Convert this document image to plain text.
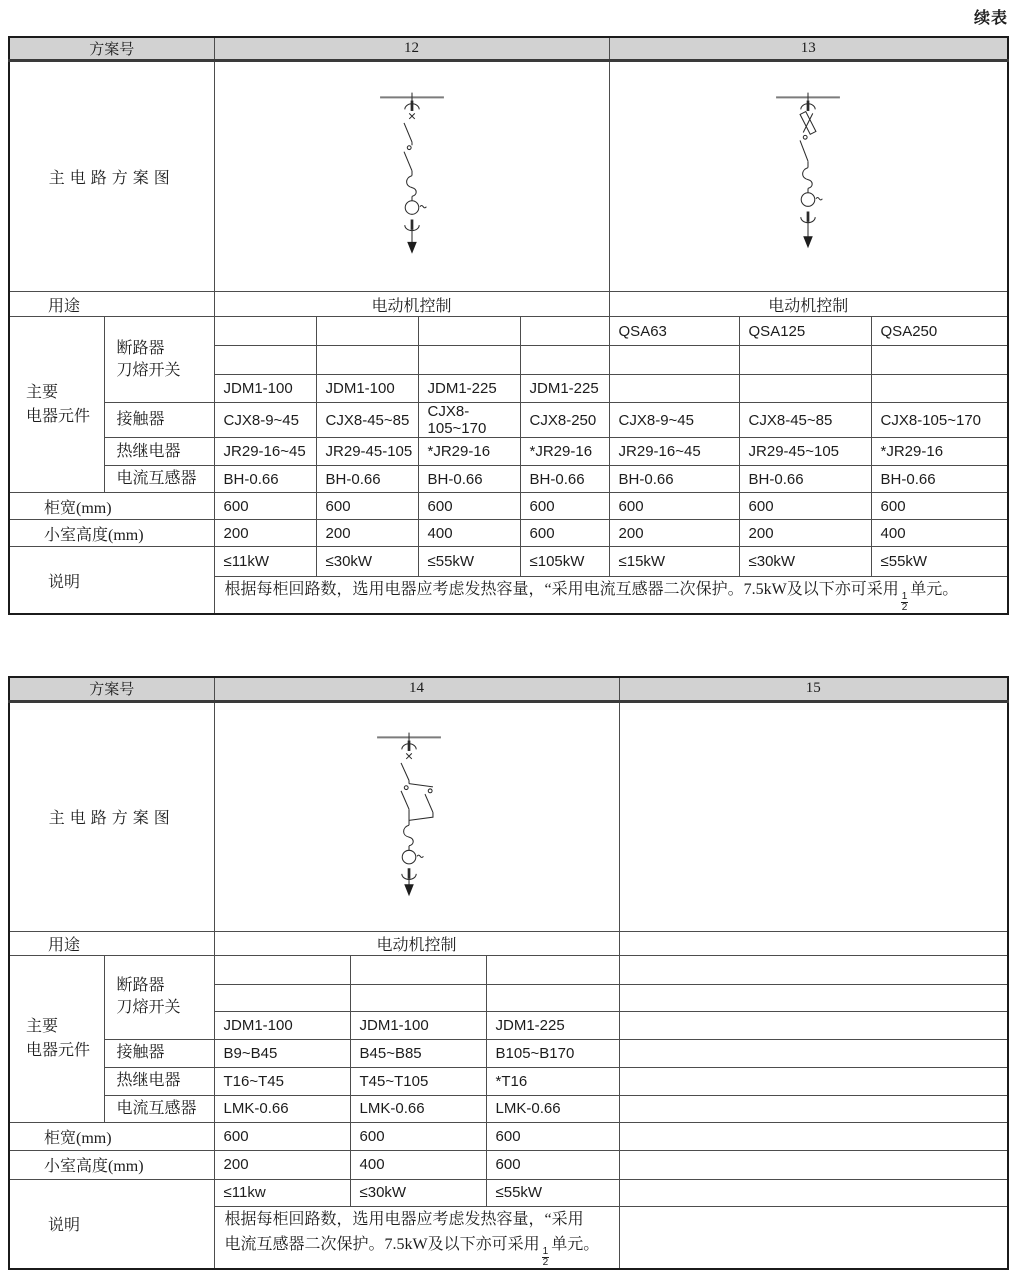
续表
方案号		12				13		
主电路方案图		
用途		电动机控制				电动机控制		

主要
电器元件	断路器
刀熔开关					QSA63	QSA125	QSA250

		JDM1-100	JDM1-100	JDM1-225	JDM1-225			
	接触器	CJX8-9~45	CJX8-45~85	CJX8-105~170	CJX8-250	CJX8-9~45	CJX8-45~85	CJX8-105~170
	热继电器	JR29-16~45	JR29-45-105	*JR29-16	*JR29-16	JR29-16~45	JR29-45~105	*JR29-16
	电流互感器	BH-0.66	BH-0.66	BH-0.66	BH-0.66	BH-0.66	BH-0.66	BH-0.66
柜宽(mm)		600	600	600	600	600	600	600
小室高度(mm)		200	200	400	600	200	200	400
说明		≤11kW	≤30kW	≤55kW	≤105kW	≤15kW	≤30kW	≤55kW
		根据每柜回路数，选用电器应考虑发热容量，“采用电流互感器二次保护。7.5kW及以下亦可采用
$\frac{1}{2}$
单元。						
方案号		14			15
主电路方案图		
用途		电动机控制			

主要
电器元件	断路器
刀熔开关				

		JDM1-100	JDM1-100	JDM1-225	
	接触器	B9~B45	B45~B85	B105~B170	
	热继电器	T16~T45	T45~T105	*T16	
	电流互感器	LMK-0.66	LMK-0.66	LMK-0.66	
柜宽(mm)		600	600	600	
小室高度(mm)		200	400	600	
说明		≤11kw	≤30kW	≤55kW	

		根据每柜回路数，选用电器应考虑发热容量，“采用
电流互感器二次保护。7.5kW及以下亦可采用
$\frac{1}{2}$
单元。			
